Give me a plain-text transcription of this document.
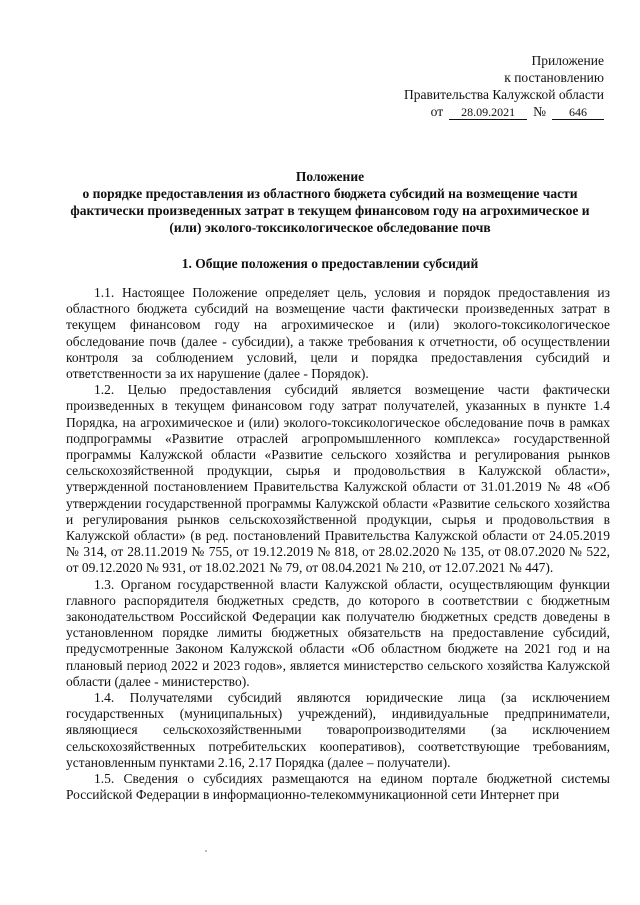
Приложение
к постановлению
Правительства Калужской области
от	28.09.2021	№	646
Положение
о порядке предоставления из областного бюджета субсидий на возмещение части
фактически произведенных затрат в текущем финансовом году на агрохимическое и
(или) эколого-токсикологическое обследование почв
1. Общие положения о предоставлении субсидий

1.1. Настоящее Положение определяет цель, условия и порядок предоставления из областного бюджета субсидий на возмещение части фактически произведенных затрат в текущем финансовом году на агрохимическое и (или) эколого-токсикологическое обследование почв (далее - субсидии), а также требования к отчетности, об осуществлении контроля за соблюдением условий, цели и порядка предоставления субсидий и ответственности за их нарушение (далее - Порядок).

1.2. Целью предоставления субсидий является возмещение части фактически произведенных в текущем финансовом году затрат получателей, указанных в пункте 1.4 Порядка, на агрохимическое и (или) эколого-токсикологическое обследование почв в рамках подпрограммы «Развитие отраслей агропромышленного комплекса» государственной программы Калужской области «Развитие сельского хозяйства и регулирования рынков сельскохозяйственной продукции, сырья и продовольствия в Калужской области», утвержденной постановлением Правительства Калужской области от 31.01.2019 № 48 «Об утверждении государственной программы Калужской области «Развитие сельского хозяйства и регулирования рынков сельскохозяйственной продукции, сырья и продовольствия в Калужской области» (в ред. постановлений Правительства Калужской области от 24.05.2019 № 314, от 28.11.2019 № 755, от 19.12.2019 № 818, от 28.02.2020 № 135, от 08.07.2020 № 522, от 09.12.2020 № 931, от 18.02.2021 № 79, от 08.04.2021 № 210, от 12.07.2021 № 447).

1.3. Органом государственной власти Калужской области, осуществляющим функции главного распорядителя бюджетных средств, до которого в соответствии с бюджетным законодательством Российской Федерации как получателю бюджетных средств доведены в установленном порядке лимиты бюджетных обязательств на предоставление субсидий, предусмотренные Законом Калужской области «Об областном бюджете на 2021 год и на плановый период 2022 и 2023 годов», является министерство сельского хозяйства Калужской области (далее - министерство).

1.4. Получателями субсидий являются юридические лица (за исключением государственных (муниципальных) учреждений), индивидуальные предприниматели, являющиеся сельскохозяйственными товаропроизводителями (за исключением сельскохозяйственных потребительских кооперативов), соответствующие требованиям, установленным пунктами 2.16, 2.17 Порядка (далее – получатели).

1.5. Сведения о субсидиях размещаются на едином портале бюджетной системы Российской Федерации в информационно-телекоммуникационной сети Интернет при
